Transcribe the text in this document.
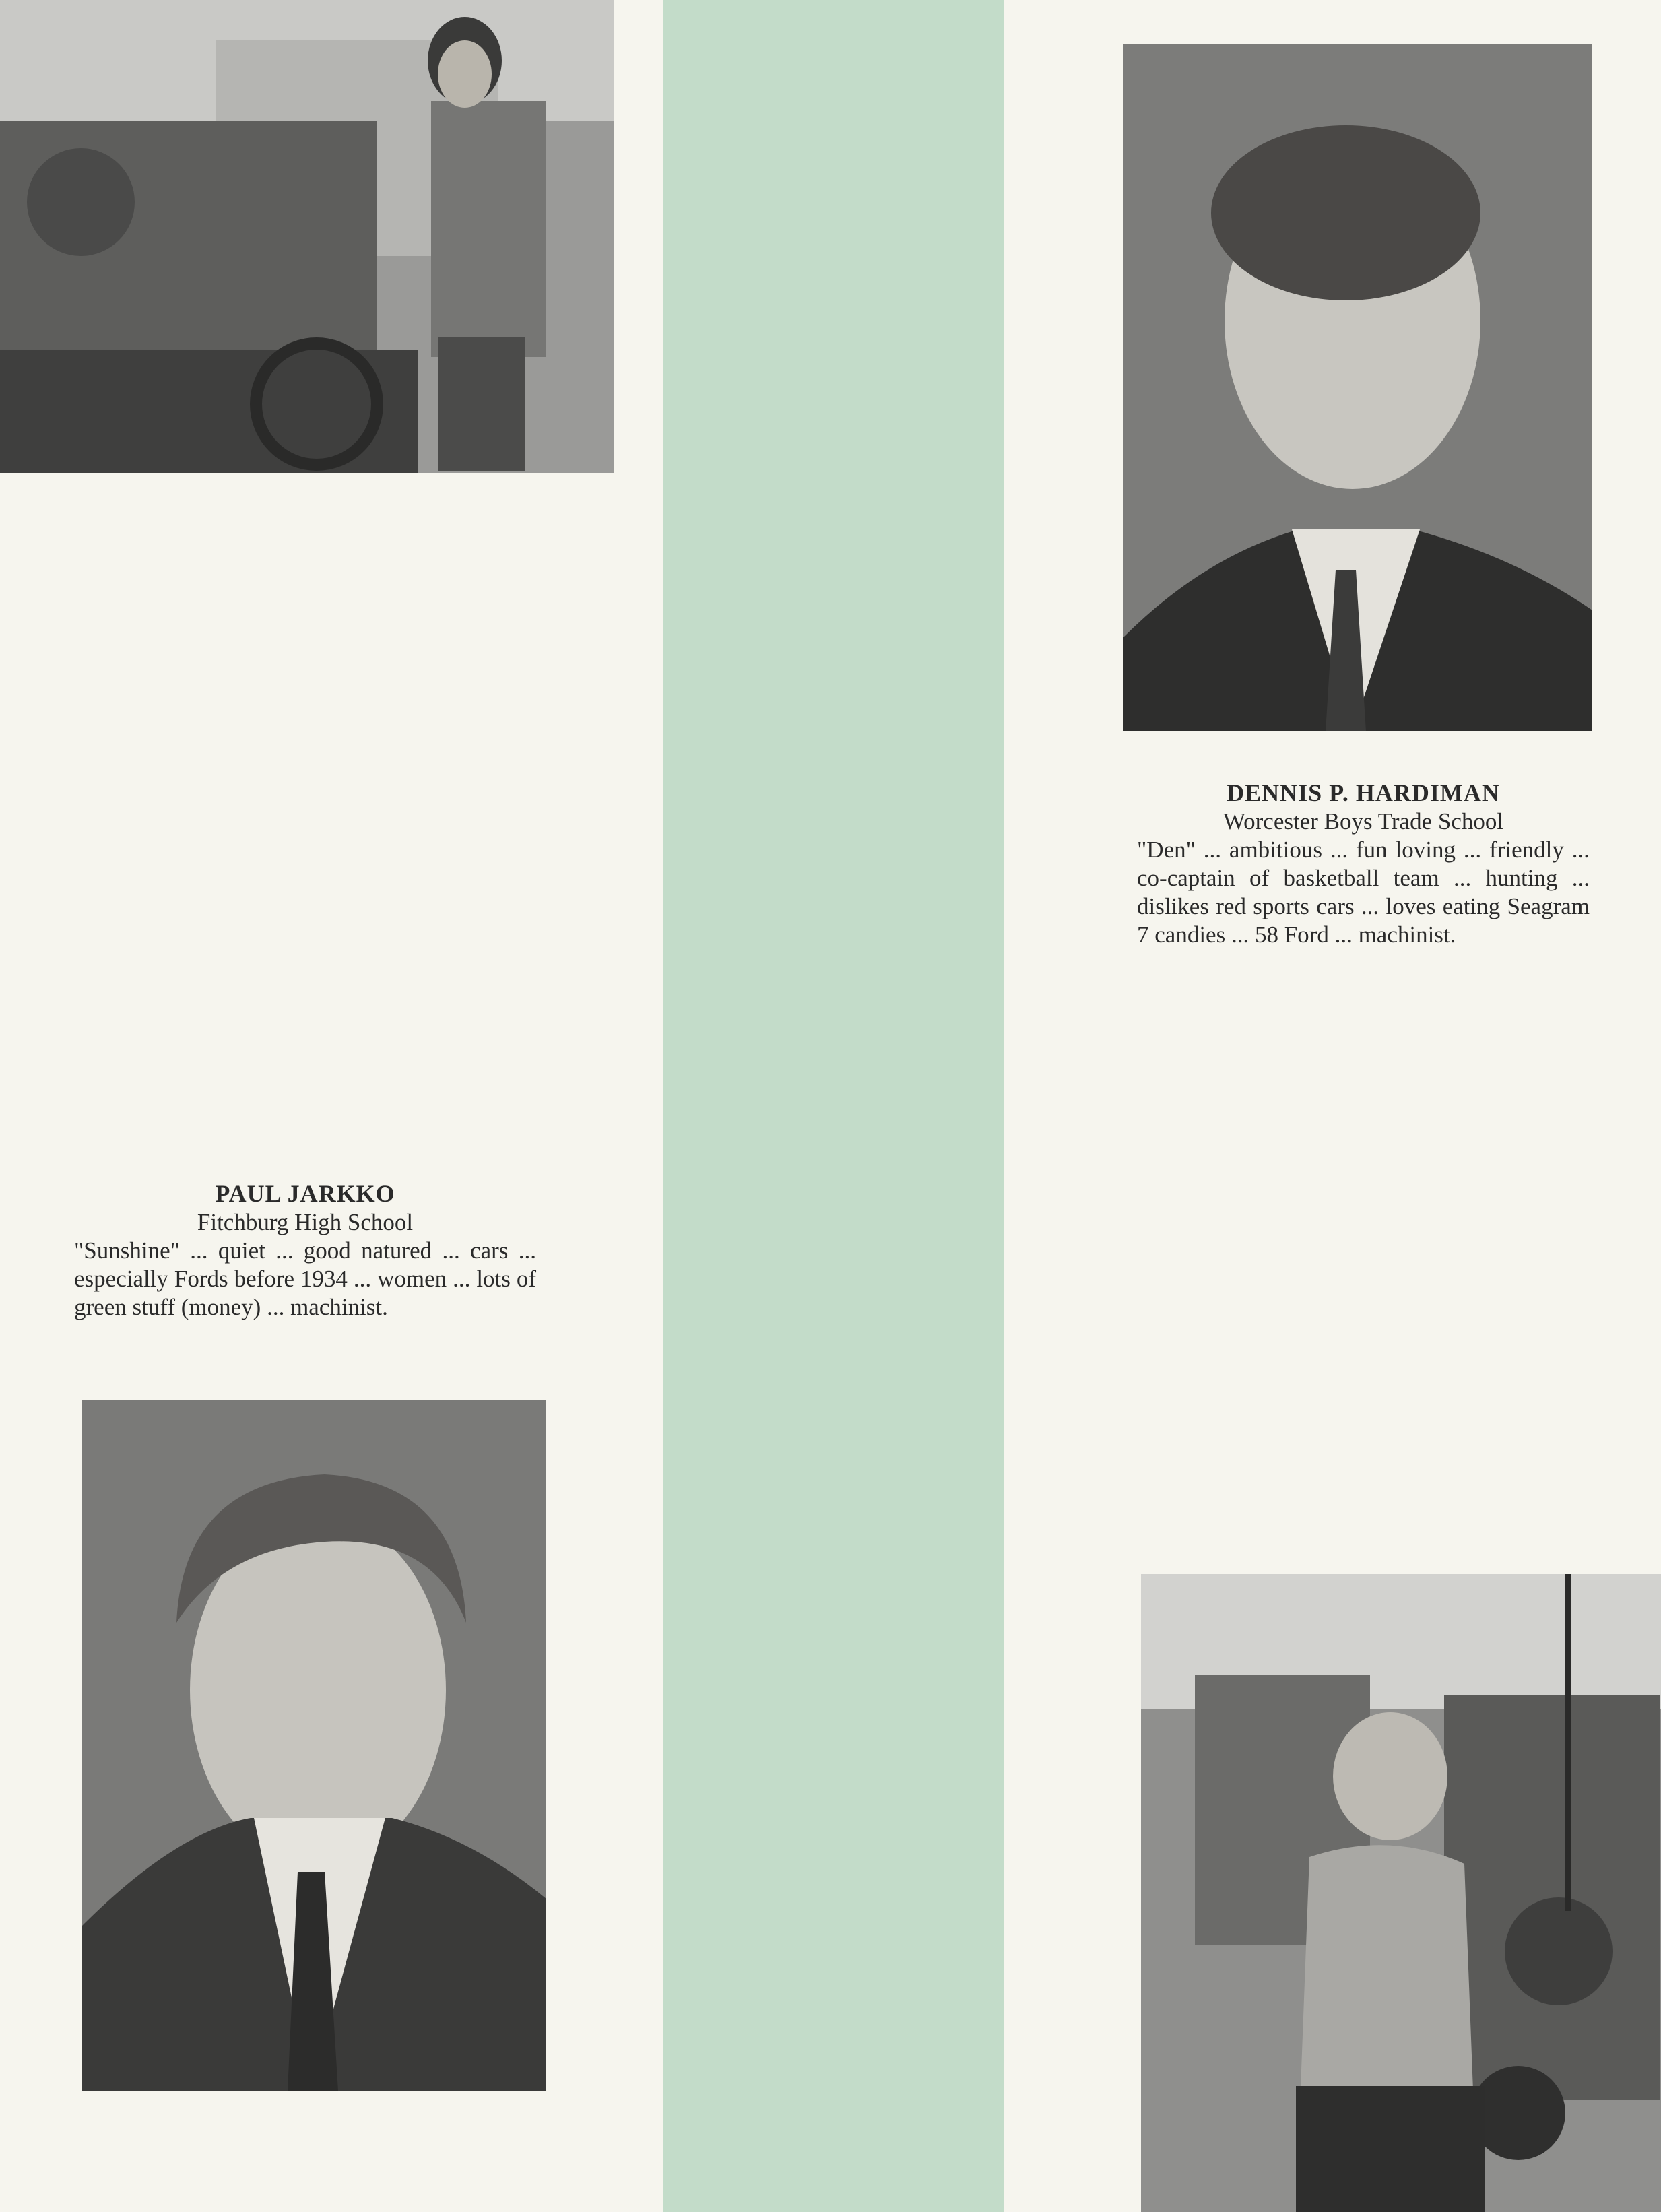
DENNIS P. HARDIMAN
Worcester Boys Trade School
"Den" ... ambitious ... fun loving ... friendly ... co-captain of basketball team ... hunting ... dislikes red sports cars ... loves eating Seagram 7 candies ... 58 Ford ... machinist.
PAUL JARKKO
Fitchburg High School
"Sunshine" ... quiet ... good natured ... cars ... especially Fords before 1934 ... women ... lots of green stuff (money) ... machinist.
